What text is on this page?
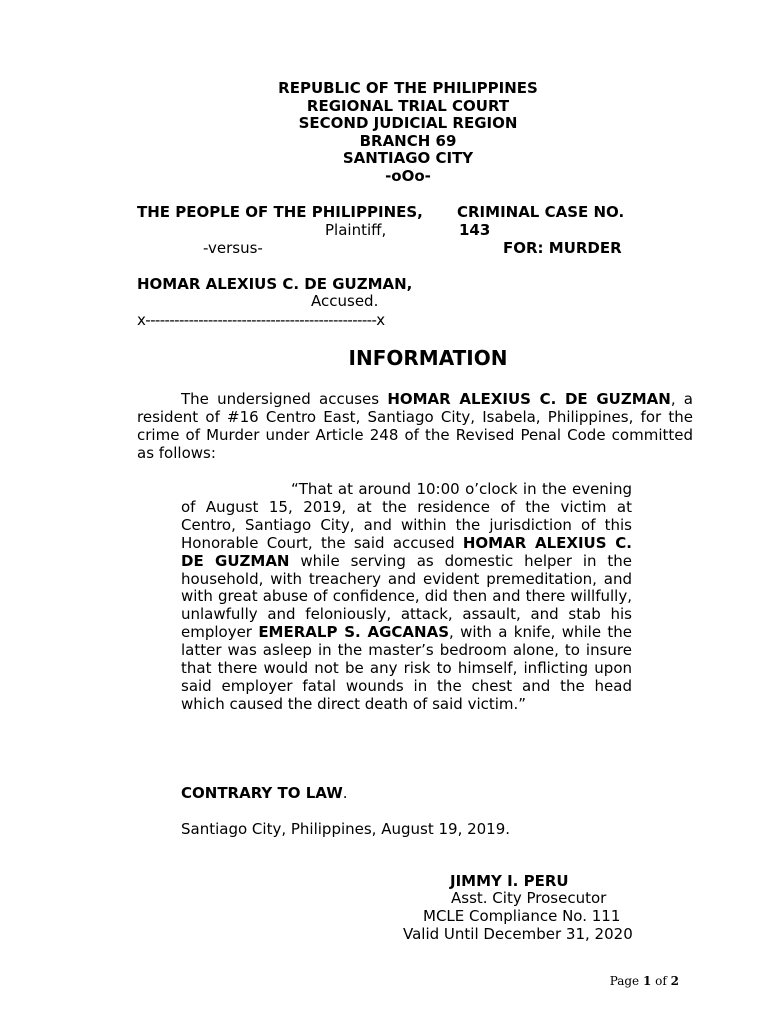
REPUBLIC OF THE PHILIPPINES
REGIONAL TRIAL COURT
SECOND JUDICIAL REGION
BRANCH 69
SANTIAGO CITY
-oOo-
THE PEOPLE OF THE PHILIPPINES,
Plaintiff,
CRIMINAL CASE NO.
143
-versus-	FOR: MURDER
HOMAR ALEXIUS C. DE GUZMAN,
Accused.
x------------------------------------------------x
INFORMATION
The undersigned accuses HOMAR ALEXIUS C. DE GUZMAN, a resident of #16 Centro East, Santiago City, Isabela, Philippines, for the crime of Murder under Article 248 of the Revised Penal Code committed as follows:
“That at around 10:00 o’clock in the evening of August 15, 2019, at the residence of the victim at Centro, Santiago City, and within the jurisdiction of this Honorable Court, the said accused HOMAR ALEXIUS C. DE GUZMAN while serving as domestic helper in the household, with treachery and evident premeditation, and with great abuse of confidence, did then and there willfully, unlawfully and feloniously, attack, assault, and stab his employer EMERALP S. AGCANAS, with a knife, while the latter was asleep in the master’s bedroom alone, to insure that there would not be any risk to himself, inflicting upon said employer fatal wounds in the chest and the head which caused the direct death of said victim.”
CONTRARY TO LAW.
Santiago City, Philippines, August 19, 2019.
JIMMY I. PERU
Asst. City Prosecutor
MCLE Compliance No. 111
Valid Until December 31, 2020
Page 1 of 2
